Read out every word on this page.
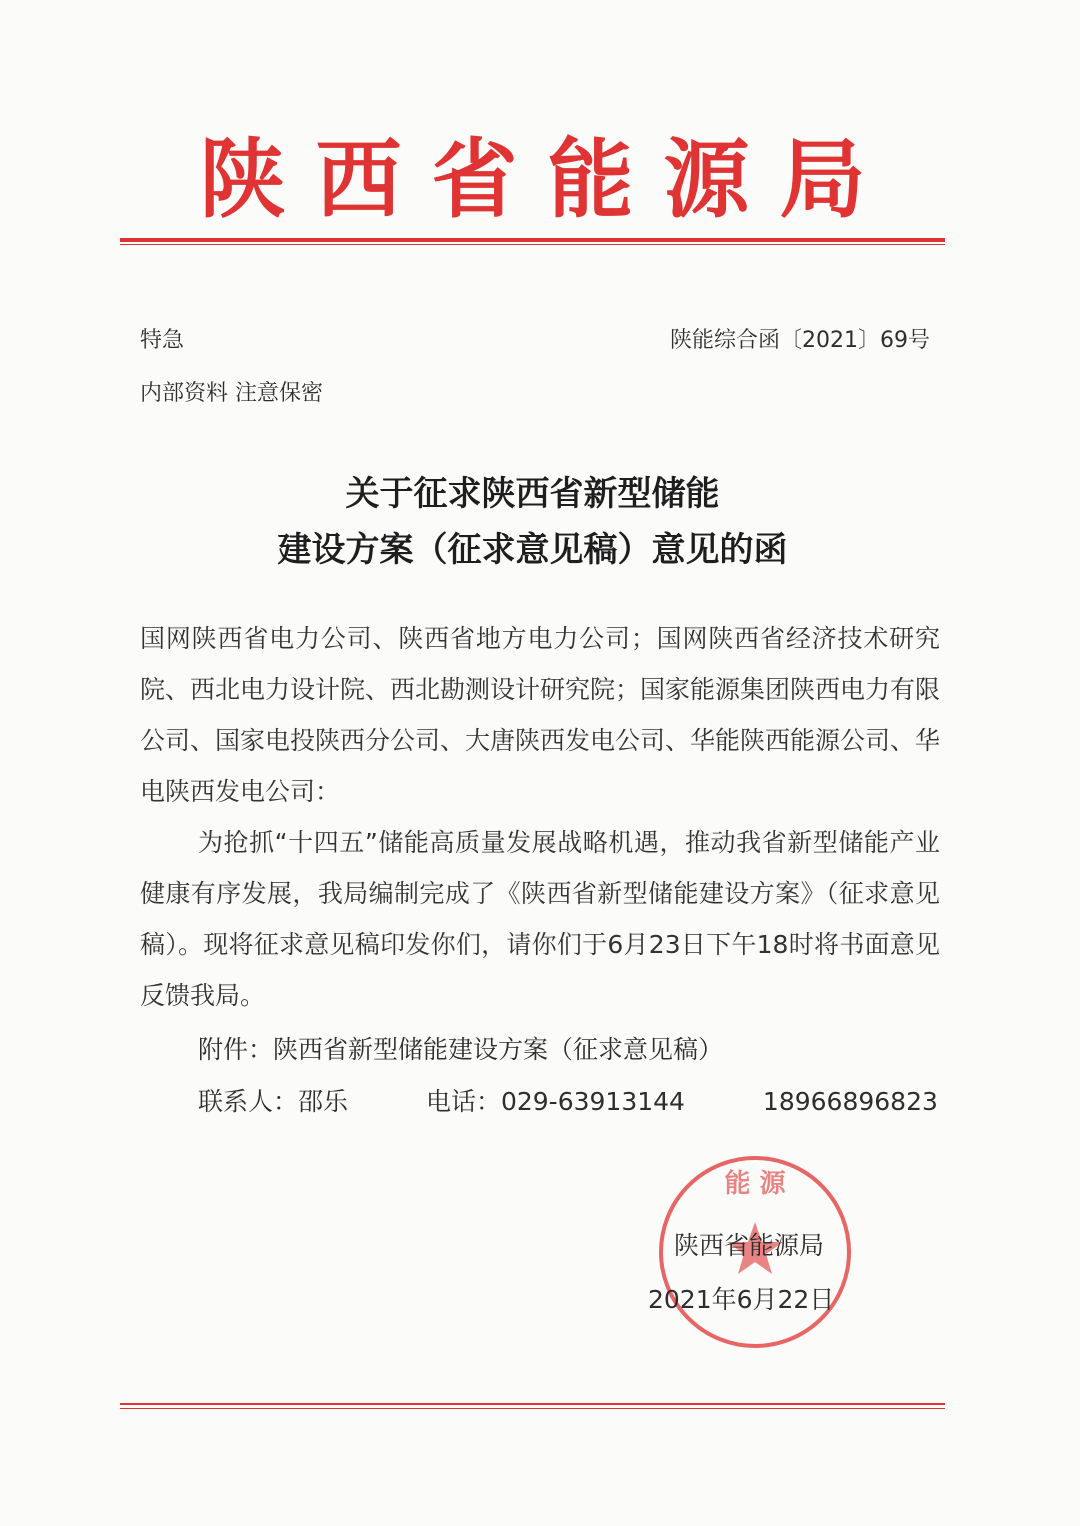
陕西省能源局
特急	陕能综合函〔2021〕69号
内部资料 注意保密
关于征求陕西省新型储能
建设方案（征求意见稿）意见的函

国网陕西省电力公司、陕西省地方电力公司；国网陕西省经济技术研究院、西北电力设计院、西北勘测设计研究院；国家能源集团陕西电力有限公司、国家电投陕西分公司、大唐陕西发电公司、华能陕西能源公司、华电陕西发电公司：

为抢抓“十四五”储能高质量发展战略机遇，推动我省新型储能产业健康有序发展，我局编制完成了《陕西省新型储能建设方案》（征求意见稿）。现将征求意见稿印发你们，请你们于6月23日下午18时将书面意见反馈我局。

附件：陕西省新型储能建设方案（征求意见稿）
联系人：邵乐	电话：029-63913144	18966896823
能 源
陕西省能源局
2021年6月22日
